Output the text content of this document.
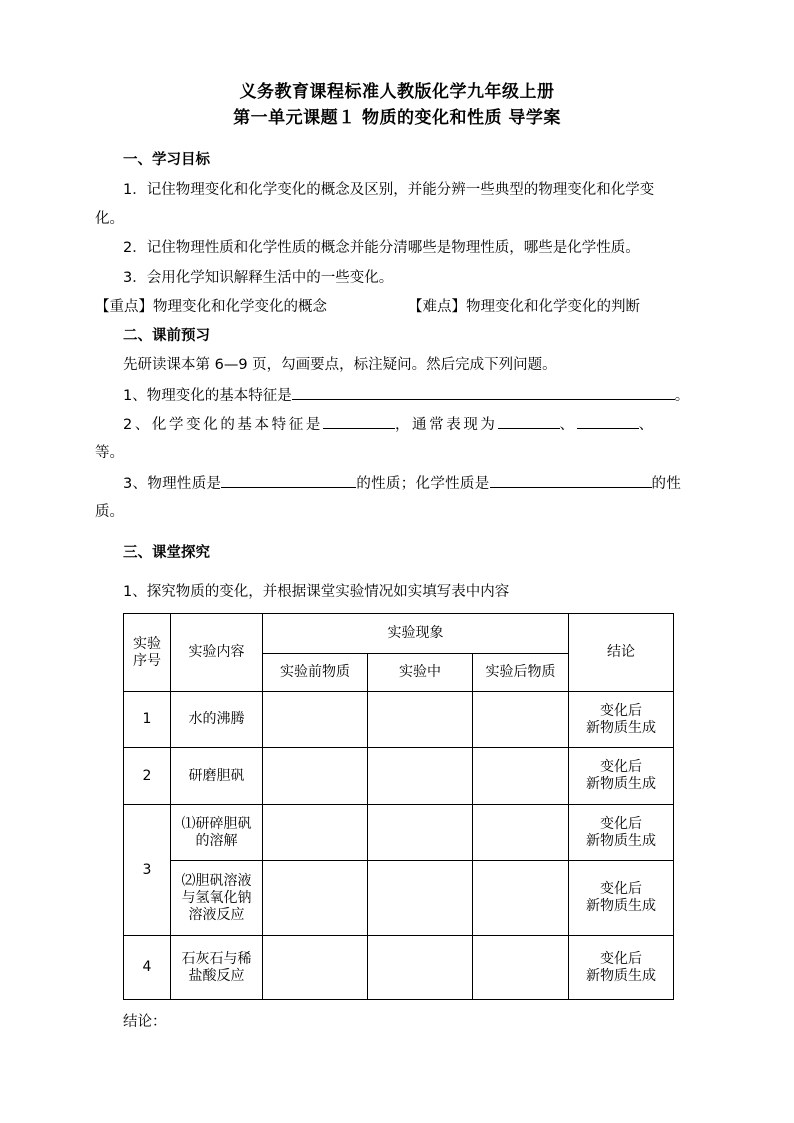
义务教育课程标准人教版化学九年级上册
第一单元课题１ 物质的变化和性质 导学案
一、学习目标
1．记住物理变化和化学变化的概念及区别，并能分辨一些典型的物理变化和化学变
化。
2．记住物理性质和化学性质的概念并能分清哪些是物理性质，哪些是化学性质。
3．会用化学知识解释生活中的一些变化。
【重点】物理变化和化学变化的概念	【难点】物理变化和化学变化的判断
二、课前预习
先研读课本第 6—9 页，勾画要点，标注疑问。然后完成下列问题。
1、物理变化的基本特征是	。
2、化学变化的基本特征是	，通常表现为	、	、
等。
3、物理性质是	的性质；化学性质是	的性
质。
三、课堂探究
1、探究物质的变化，并根据课堂实验情况如实填写表中内容
实验
序号	实验内容	实验现象			结论
		实验前物质	实验中	实验后物质	
1	水的沸腾				变化后
新物质生成
2	研磨胆矾				变化后
新物质生成
3	⑴研碎胆矾
的溶解				变化后
新物质生成
	⑵胆矾溶液
与氢氧化钠
溶液反应				变化后
新物质生成
4	石灰石与稀
盐酸反应				变化后
新物质生成
结论：
